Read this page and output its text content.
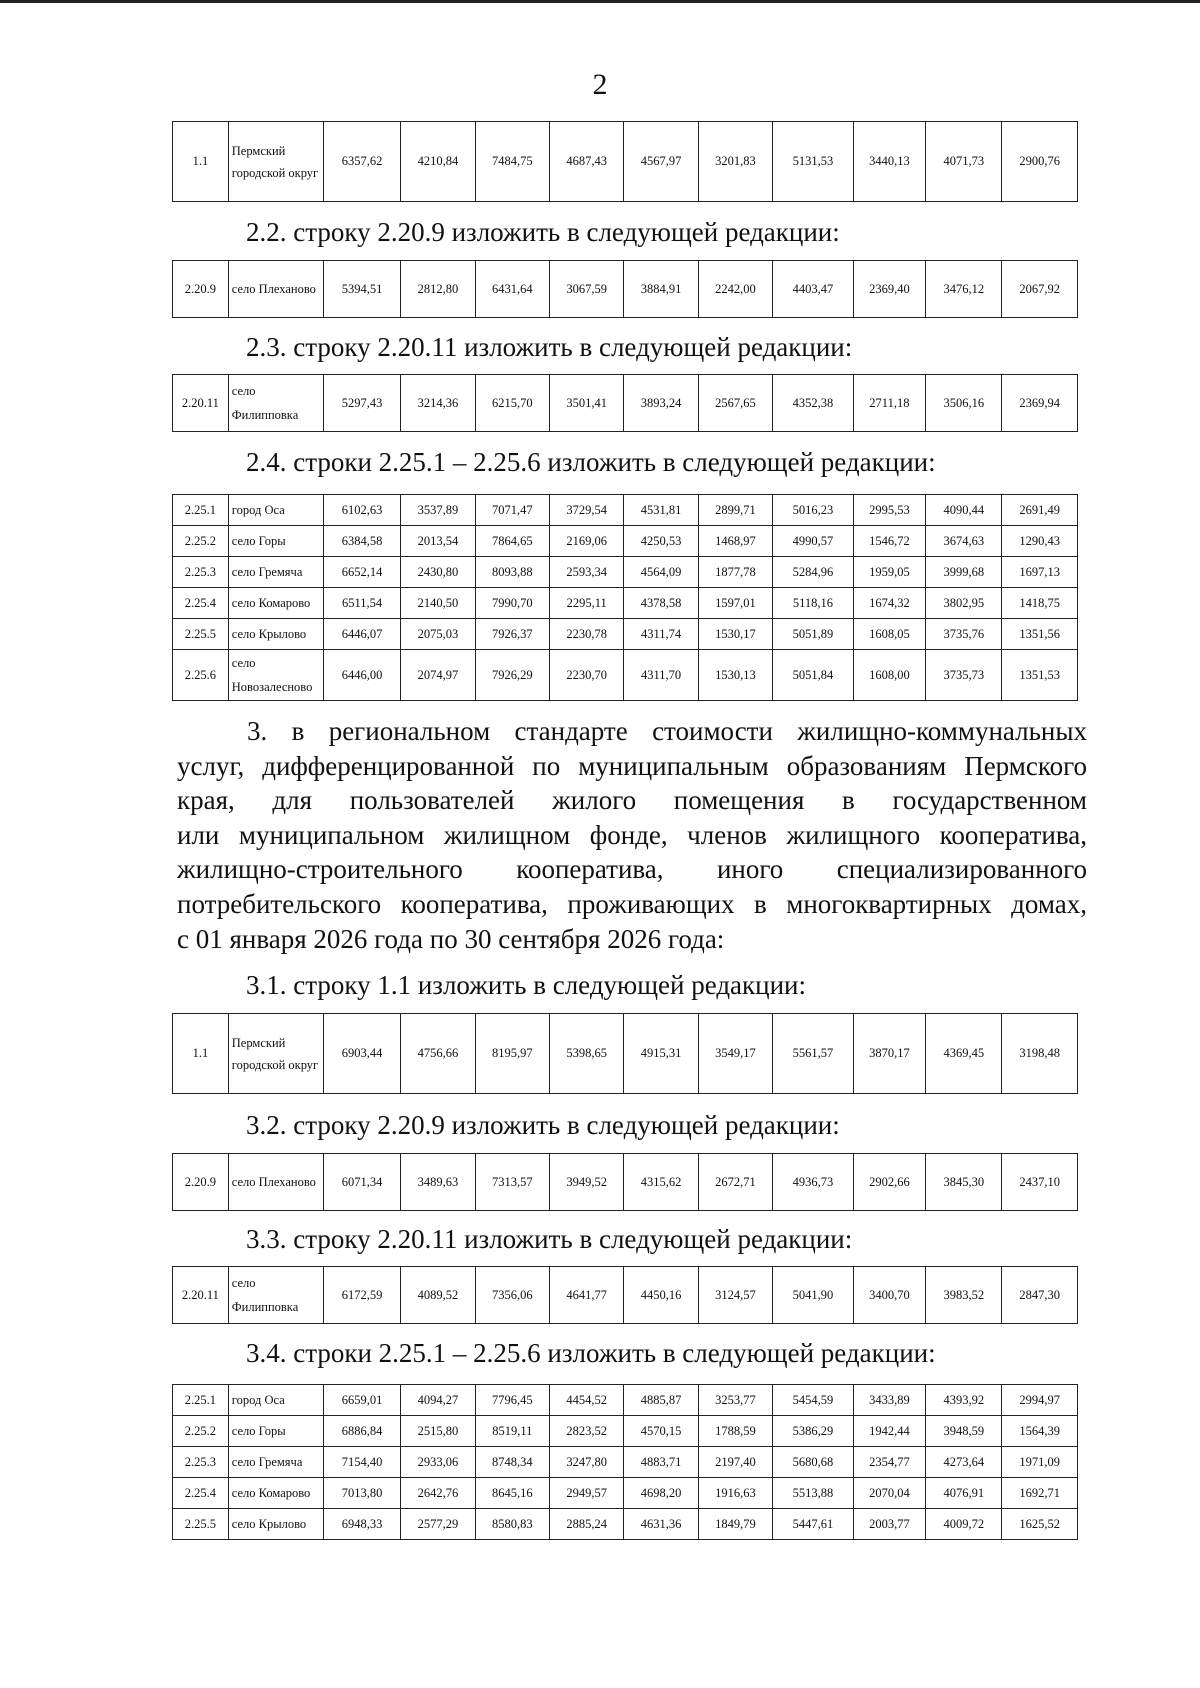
2
1.1	Пермский городской округ	6357,62	4210,84	7484,75	4687,43	4567,97	3201,83	5131,53	3440,13	4071,73	2900,76
2.2. строку 2.20.9 изложить в следующей редакции:
2.20.9	село Плеханово	5394,51	2812,80	6431,64	3067,59	3884,91	2242,00	4403,47	2369,40	3476,12	2067,92
2.3. строку 2.20.11 изложить в следующей редакции:
2.20.11	село Филипповка	5297,43	3214,36	6215,70	3501,41	3893,24	2567,65	4352,38	2711,18	3506,16	2369,94
2.4. строки 2.25.1 – 2.25.6 изложить в следующей редакции:
2.25.1	город Оса	6102,63	3537,89	7071,47	3729,54	4531,81	2899,71	5016,23	2995,53	4090,44	2691,49
2.25.2	село Горы	6384,58	2013,54	7864,65	2169,06	4250,53	1468,97	4990,57	1546,72	3674,63	1290,43
2.25.3	село Гремяча	6652,14	2430,80	8093,88	2593,34	4564,09	1877,78	5284,96	1959,05	3999,68	1697,13
2.25.4	село Комарово	6511,54	2140,50	7990,70	2295,11	4378,58	1597,01	5118,16	1674,32	3802,95	1418,75
2.25.5	село Крылово	6446,07	2075,03	7926,37	2230,78	4311,74	1530,17	5051,89	1608,05	3735,76	1351,56
2.25.6	село Новозалесново	6446,00	2074,97	7926,29	2230,70	4311,70	1530,13	5051,84	1608,00	3735,73	1351,53
3. в региональном стандарте стоимости жилищно-коммунальных
услуг, дифференцированной по муниципальным образованиям Пермского
края, для пользователей жилого помещения в государственном
или муниципальном жилищном фонде, членов жилищного кооператива,
жилищно-строительного кооператива, иного специализированного
потребительского кооператива, проживающих в многоквартирных домах,
с 01 января 2026 года по 30 сентября 2026 года:
3.1. строку 1.1 изложить в следующей редакции:
1.1	Пермский городской округ	6903,44	4756,66	8195,97	5398,65	4915,31	3549,17	5561,57	3870,17	4369,45	3198,48
3.2. строку 2.20.9 изложить в следующей редакции:
2.20.9	село Плеханово	6071,34	3489,63	7313,57	3949,52	4315,62	2672,71	4936,73	2902,66	3845,30	2437,10
3.3. строку 2.20.11 изложить в следующей редакции:
2.20.11	село Филипповка	6172,59	4089,52	7356,06	4641,77	4450,16	3124,57	5041,90	3400,70	3983,52	2847,30
3.4. строки 2.25.1 – 2.25.6 изложить в следующей редакции:
2.25.1	город Оса	6659,01	4094,27	7796,45	4454,52	4885,87	3253,77	5454,59	3433,89	4393,92	2994,97
2.25.2	село Горы	6886,84	2515,80	8519,11	2823,52	4570,15	1788,59	5386,29	1942,44	3948,59	1564,39
2.25.3	село Гремяча	7154,40	2933,06	8748,34	3247,80	4883,71	2197,40	5680,68	2354,77	4273,64	1971,09
2.25.4	село Комарово	7013,80	2642,76	8645,16	2949,57	4698,20	1916,63	5513,88	2070,04	4076,91	1692,71
2.25.5	село Крылово	6948,33	2577,29	8580,83	2885,24	4631,36	1849,79	5447,61	2003,77	4009,72	1625,52
